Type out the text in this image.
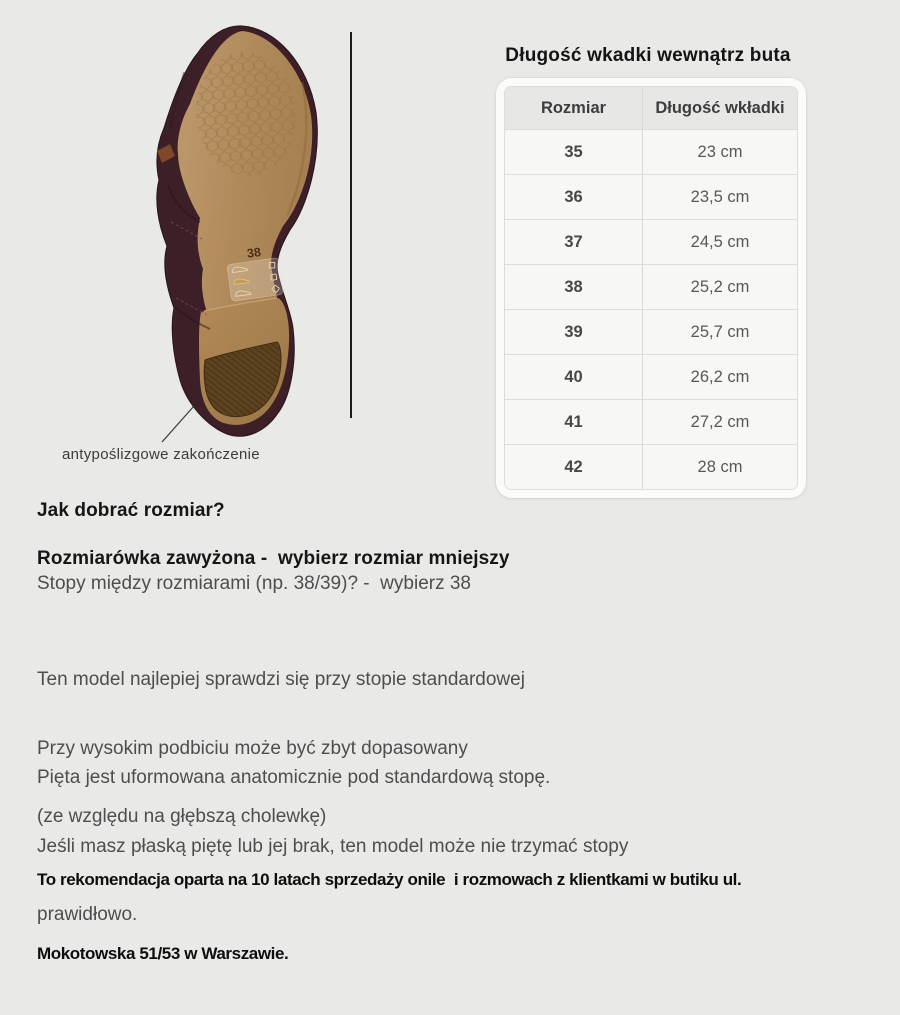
38
antypoślizgowe zakończenie
Długość wkadki wewnątrz buta
Rozmiar	Długość wkładki
35	23 cm
36	23,5 cm
37	24,5 cm
38	25,2 cm
39	25,7 cm
40	26,2 cm
41	27,2 cm
42	28 cm
Jak dobrać rozmiar?
Rozmiarówka zawyżona -  wybierz rozmiar mniejszy
Stopy między rozmiarami (np. 38/39)? -  wybierz 38

Ten model najlepiej sprawdzi się przy stopie standardowej

Przy wysokim podbiciu może być zbyt dopasowany

(ze względu na głębszą cholewkę)

Pięta jest uformowana anatomicznie pod standardową stopę.

Jeśli masz płaską piętę lub jej brak, ten model może nie trzymać stopy

prawidłowo.

To rekomendacja oparta na 10 latach sprzedaży onile  i rozmowach z klientkami w butiku ul.

Mokotowska 51/53 w Warszawie.
